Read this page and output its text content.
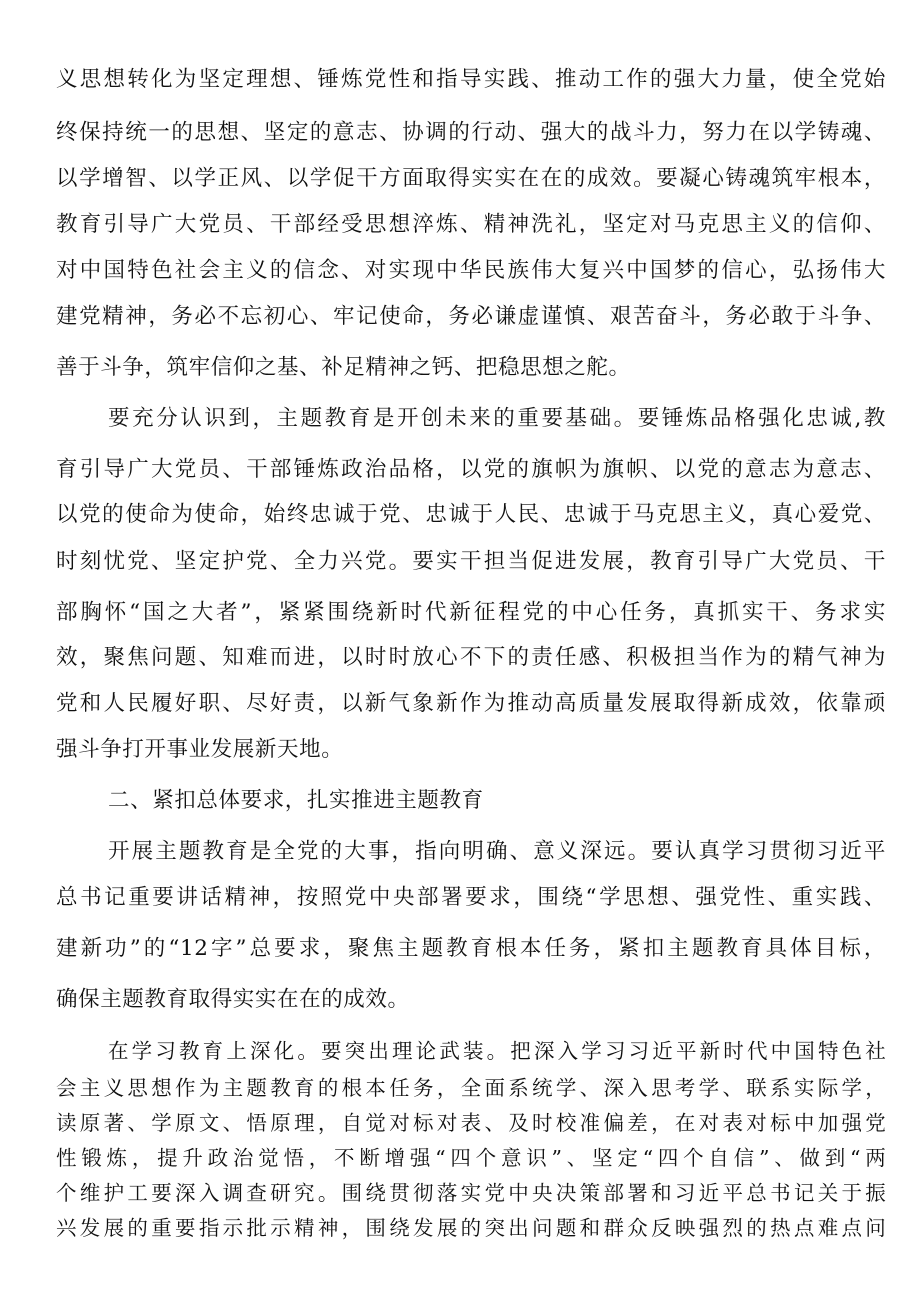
义思想转化为坚定理想、锤炼党性和指导实践、推动工作的强大力量，使全党始
终保持统一的思想、坚定的意志、协调的行动、强大的战斗力，努力在以学铸魂、
以学增智、以学正风、以学促干方面取得实实在在的成效。要凝心铸魂筑牢根本，
教育引导广大党员、干部经受思想淬炼、精神洗礼，坚定对马克思主义的信仰、
对中国特色社会主义的信念、对实现中华民族伟大复兴中国梦的信心，弘扬伟大
建党精神，务必不忘初心、牢记使命，务必谦虚谨慎、艰苦奋斗，务必敢于斗争、
善于斗争，筑牢信仰之基、补足精神之钙、把稳思想之舵。
要充分认识到，主题教育是开创未来的重要基础。要锤炼品格强化忠诚,教
育引导广大党员、干部锤炼政治品格，以党的旗帜为旗帜、以党的意志为意志、
以党的使命为使命，始终忠诚于党、忠诚于人民、忠诚于马克思主义，真心爱党、
时刻忧党、坚定护党、全力兴党。要实干担当促进发展，教育引导广大党员、干
部胸怀“国之大者”，紧紧围绕新时代新征程党的中心任务，真抓实干、务求实
效，聚焦问题、知难而进，以时时放心不下的责任感、积极担当作为的精气神为
党和人民履好职、尽好责，以新气象新作为推动高质量发展取得新成效，依靠顽
强斗争打开事业发展新天地。
二、紧扣总体要求，扎实推进主题教育
开展主题教育是全党的大事，指向明确、意义深远。要认真学习贯彻习近平
总书记重要讲话精神，按照党中央部署要求，围绕“学思想、强党性、重实践、
建新功”的“12字”总要求，聚焦主题教育根本任务，紧扣主题教育具体目标，
确保主题教育取得实实在在的成效。
在学习教育上深化。要突出理论武装。把深入学习习近平新时代中国特色社
会主义思想作为主题教育的根本任务，全面系统学、深入思考学、联系实际学，
读原著、学原文、悟原理，自觉对标对表、及时校准偏差，在对表对标中加强党
性锻炼，提升政治觉悟，不断增强“四个意识”、坚定“四个自信”、做到“两
个维护工要深入调查研究。围绕贯彻落实党中央决策部署和习近平总书记关于振
兴发展的重要指示批示精神，围绕发展的突出问题和群众反映强烈的热点难点问
